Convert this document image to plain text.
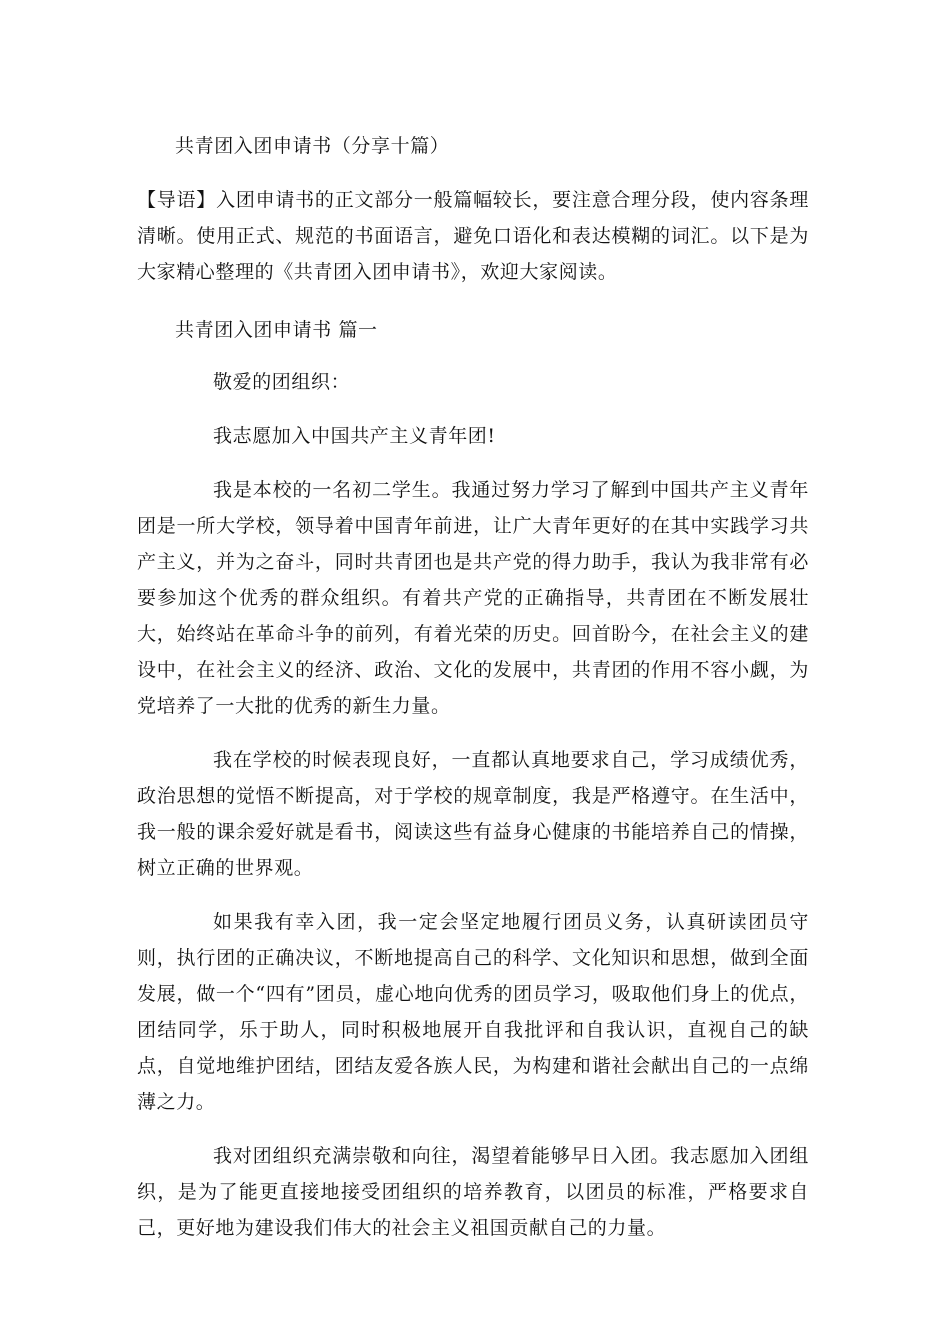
共青团入团申请书（分享十篇）

【导语】入团申请书的正文部分一般篇幅较长，要注意合理分段，使内容条理清晰。使用正式、规范的书面语言，避免口语化和表达模糊的词汇。以下是为大家精心整理的《共青团入团申请书》，欢迎大家阅读。

共青团入团申请书 篇一

敬爱的团组织：

我志愿加入中国共产主义青年团!

我是本校的一名初二学生。我通过努力学习了解到中国共产主义青年团是一所大学校，领导着中国青年前进，让广大青年更好的在其中实践学习共产主义，并为之奋斗，同时共青团也是共产党的得力助手，我认为我非常有必要参加这个优秀的群众组织。有着共产党的正确指导，共青团在不断发展壮大，始终站在革命斗争的前列，有着光荣的历史。回首盼今，在社会主义的建设中，在社会主义的经济、政治、文化的发展中，共青团的作用不容小觑，为党培养了一大批的优秀的新生力量。

我在学校的时候表现良好，一直都认真地要求自己，学习成绩优秀，政治思想的觉悟不断提高，对于学校的规章制度，我是严格遵守。在生活中，我一般的课余爱好就是看书，阅读这些有益身心健康的书能培养自己的情操，树立正确的世界观。

如果我有幸入团，我一定会坚定地履行团员义务，认真研读团员守则，执行团的正确决议，不断地提高自己的科学、文化知识和思想，做到全面发展，做一个“四有”团员，虚心地向优秀的团员学习，吸取他们身上的优点，团结同学，乐于助人，同时积极地展开自我批评和自我认识，直视自己的缺点，自觉地维护团结，团结友爱各族人民，为构建和谐社会献出自己的一点绵薄之力。

我对团组织充满崇敬和向往，渴望着能够早日入团。我志愿加入团组织，是为了能更直接地接受团组织的培养教育，以团员的标准，严格要求自己，更好地为建设我们伟大的社会主义祖国贡献自己的力量。
